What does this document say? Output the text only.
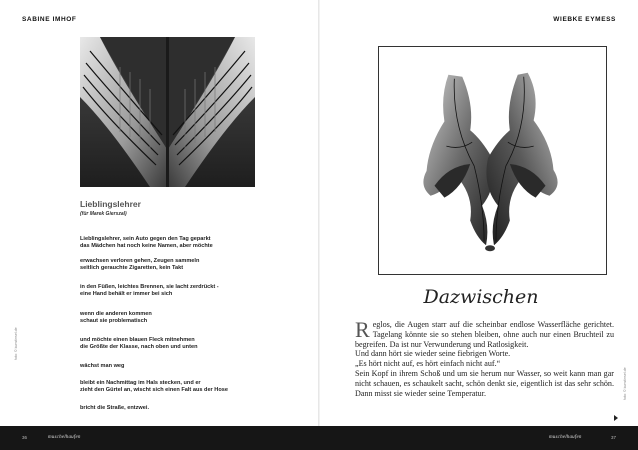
SABINE IMHOF	WIEBKE EYMESS
Lieblingslehrer
(für Marek Gierszal)
Lieblingslehrer, sein Auto gegen den Tag geparkt
das Mädchen hat noch keine Namen, aber möchte
erwachsen verloren gehen, Zeugen sammeln
seitlich gerauchte Zigaretten, kein Takt
in den Füßen, leichtes Brennen, sie lacht zerdrückt -
eine Hand behält er immer bei sich
wenn die anderen kommen
schaut sie problematisch
und möchte einen blauen Fleck mitnehmen
die Größte der Klasse, nach oben und unten
wächst man weg
bleibt ein Nachmittag im Hals stecken, und er
zieht den Gürtel an, wischt sich einen Falt aus der Hose
bricht die Straße, entzwei.
foto: © kunstinsel.de
Dazwischen
R eglos, die Augen starr auf die scheinbar endlose Wasserfläche gerichtet. Tagelang könnte sie so stehen bleiben, ohne auch nur einen Bruchteil zu begreifen. Da ist nur Verwunderung und Ratlosigkeit.

Und dann hört sie wieder seine fiebrigen Worte.

„Es hört nicht auf, es hört einfach nicht auf.“

Sein Kopf in ihrem Schoß und um sie herum nur Wasser, so weit kann man gar nicht schauen, es schaukelt sacht, schön denkt sie, eigentlich ist das sehr schön. Dann misst sie wieder seine Temperatur.	foto: © kunstinsel.de
36	muschelhaufen	muschelhaufen	37
